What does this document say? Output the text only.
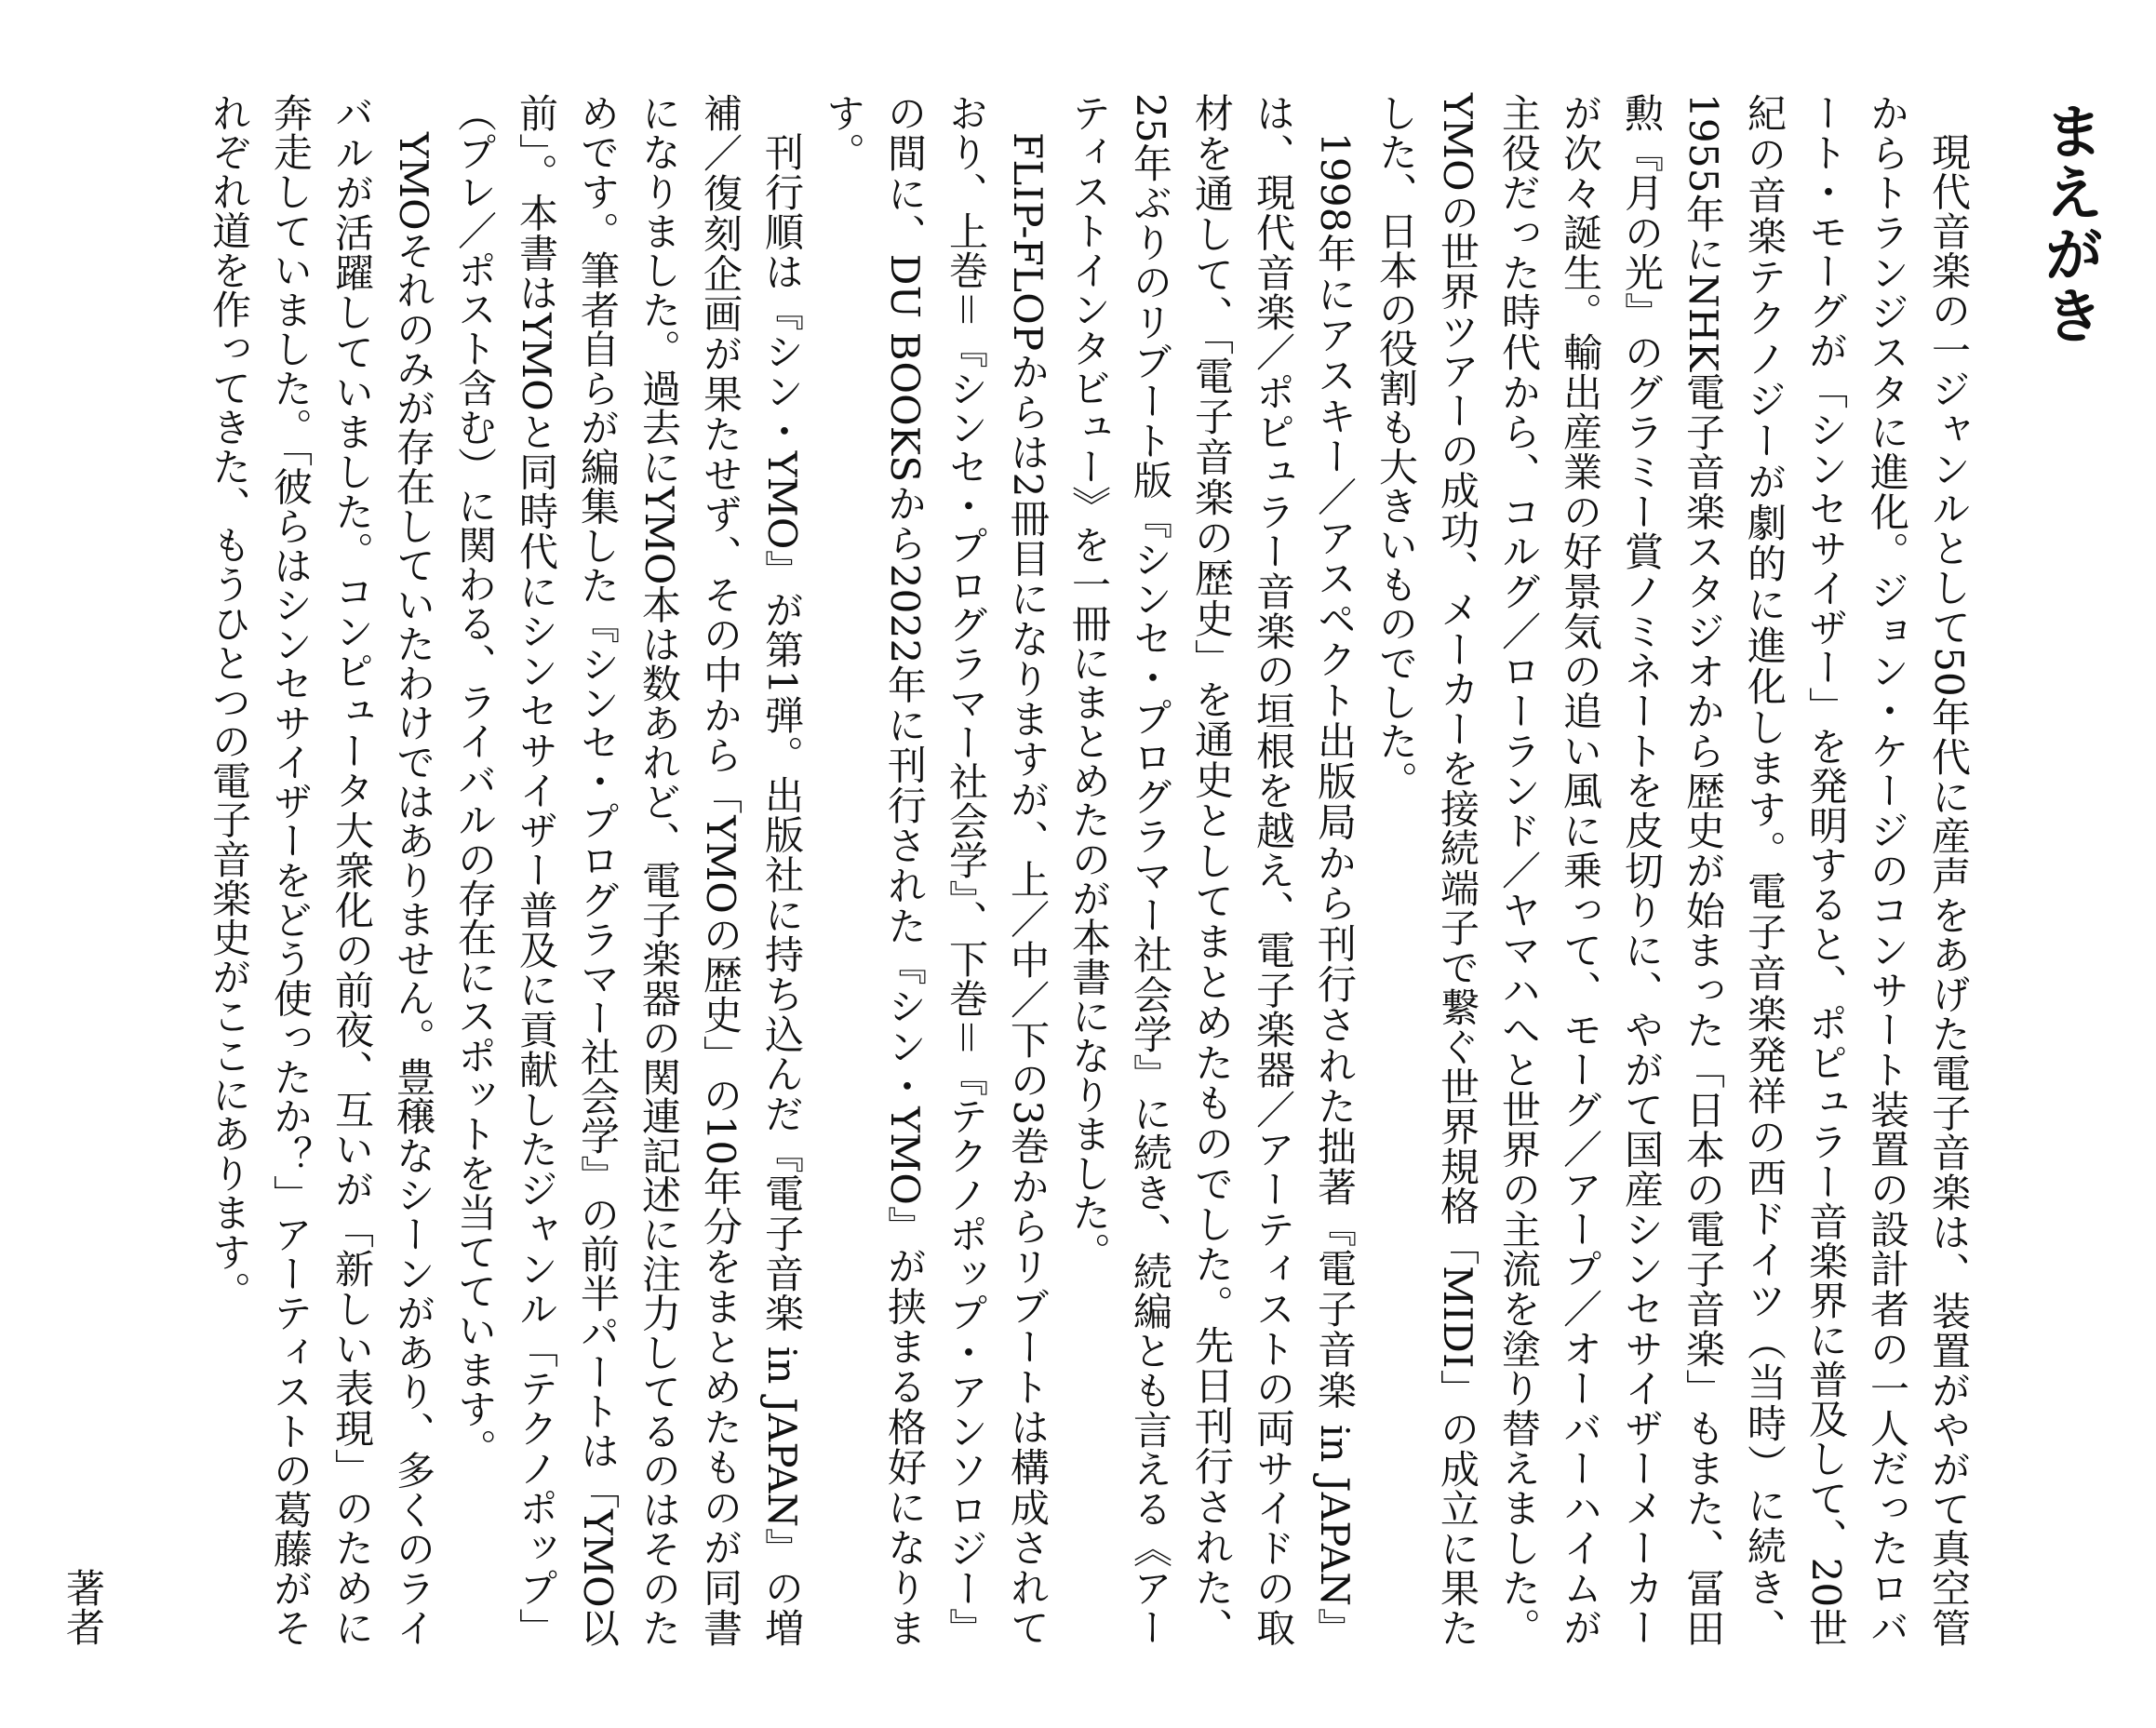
まえがき

現代音楽の一ジャンルとして50年代に産声をあげた電子音楽は、装置がやがて真空管からトランジスタに進化。ジョン・ケージのコンサート装置の設計者の一人だったロバート・モーグが「シンセサイザー」を発明すると、ポピュラー音楽界に普及して、20世紀の音楽テクノジーが劇的に進化します。電子音楽発祥の西ドイツ（当時）に続き、1955年にNHK電子音楽スタジオから歴史が始まった「日本の電子音楽」もまた、冨田勲『月の光』のグラミー賞ノミネートを皮切りに、やがて国産シンセサイザーメーカーが次々誕生。輸出産業の好景気の追い風に乗って、モーグ／アープ／オーバーハイムが主役だった時代から、コルグ／ローランド／ヤマハへと世界の主流を塗り替えました。YMOの世界ツアーの成功、メーカーを接続端子で繋ぐ世界規格「MIDI」の成立に果たした、日本の役割も大きいものでした。

1998年にアスキー／アスペクト出版局から刊行された拙著『電子音楽 in JAPAN』は、現代音楽／ポピュラー音楽の垣根を越え、電子楽器／アーティストの両サイドの取材を通して、「電子音楽の歴史」を通史としてまとめたものでした。先日刊行された、25年ぶりのリブート版『シンセ・プログラマー社会学』に続き、続編とも言える《アーティストインタビュー》を一冊にまとめたのが本書になりました。

FLIP-FLOPからは2冊目になりますが、上／中／下の3巻からリブートは構成されており、上巻＝『シンセ・プログラマー社会学』、下巻＝『テクノポップ・アンソロジー』の間に、DU BOOKSから2022年に刊行された『シン・YMO』が挟まる格好になります。

刊行順は『シン・YMO』が第1弾。出版社に持ち込んだ『電子音楽 in JAPAN』の増補／復刻企画が果たせず、その中から「YMOの歴史」の10年分をまとめたものが同書になりました。過去にYMO本は数あれど、電子楽器の関連記述に注力してるのはそのためです。筆者自らが編集した『シンセ・プログラマー社会学』の前半パートは「YMO以前」。本書はYMOと同時代にシンセサイザー普及に貢献したジャンル「テクノポップ」（プレ／ポスト含む）に関わる、ライバルの存在にスポットを当てています。

YMOそれのみが存在していたわけではありません。豊穣なシーンがあり、多くのライバルが活躍していました。コンピュータ大衆化の前夜、互いが「新しい表現」のために奔走していました。「彼らはシンセサイザーをどう使ったか？」アーティストの葛藤がそれぞれ道を作ってきた、もうひとつの電子音楽史がここにあります。

著者
